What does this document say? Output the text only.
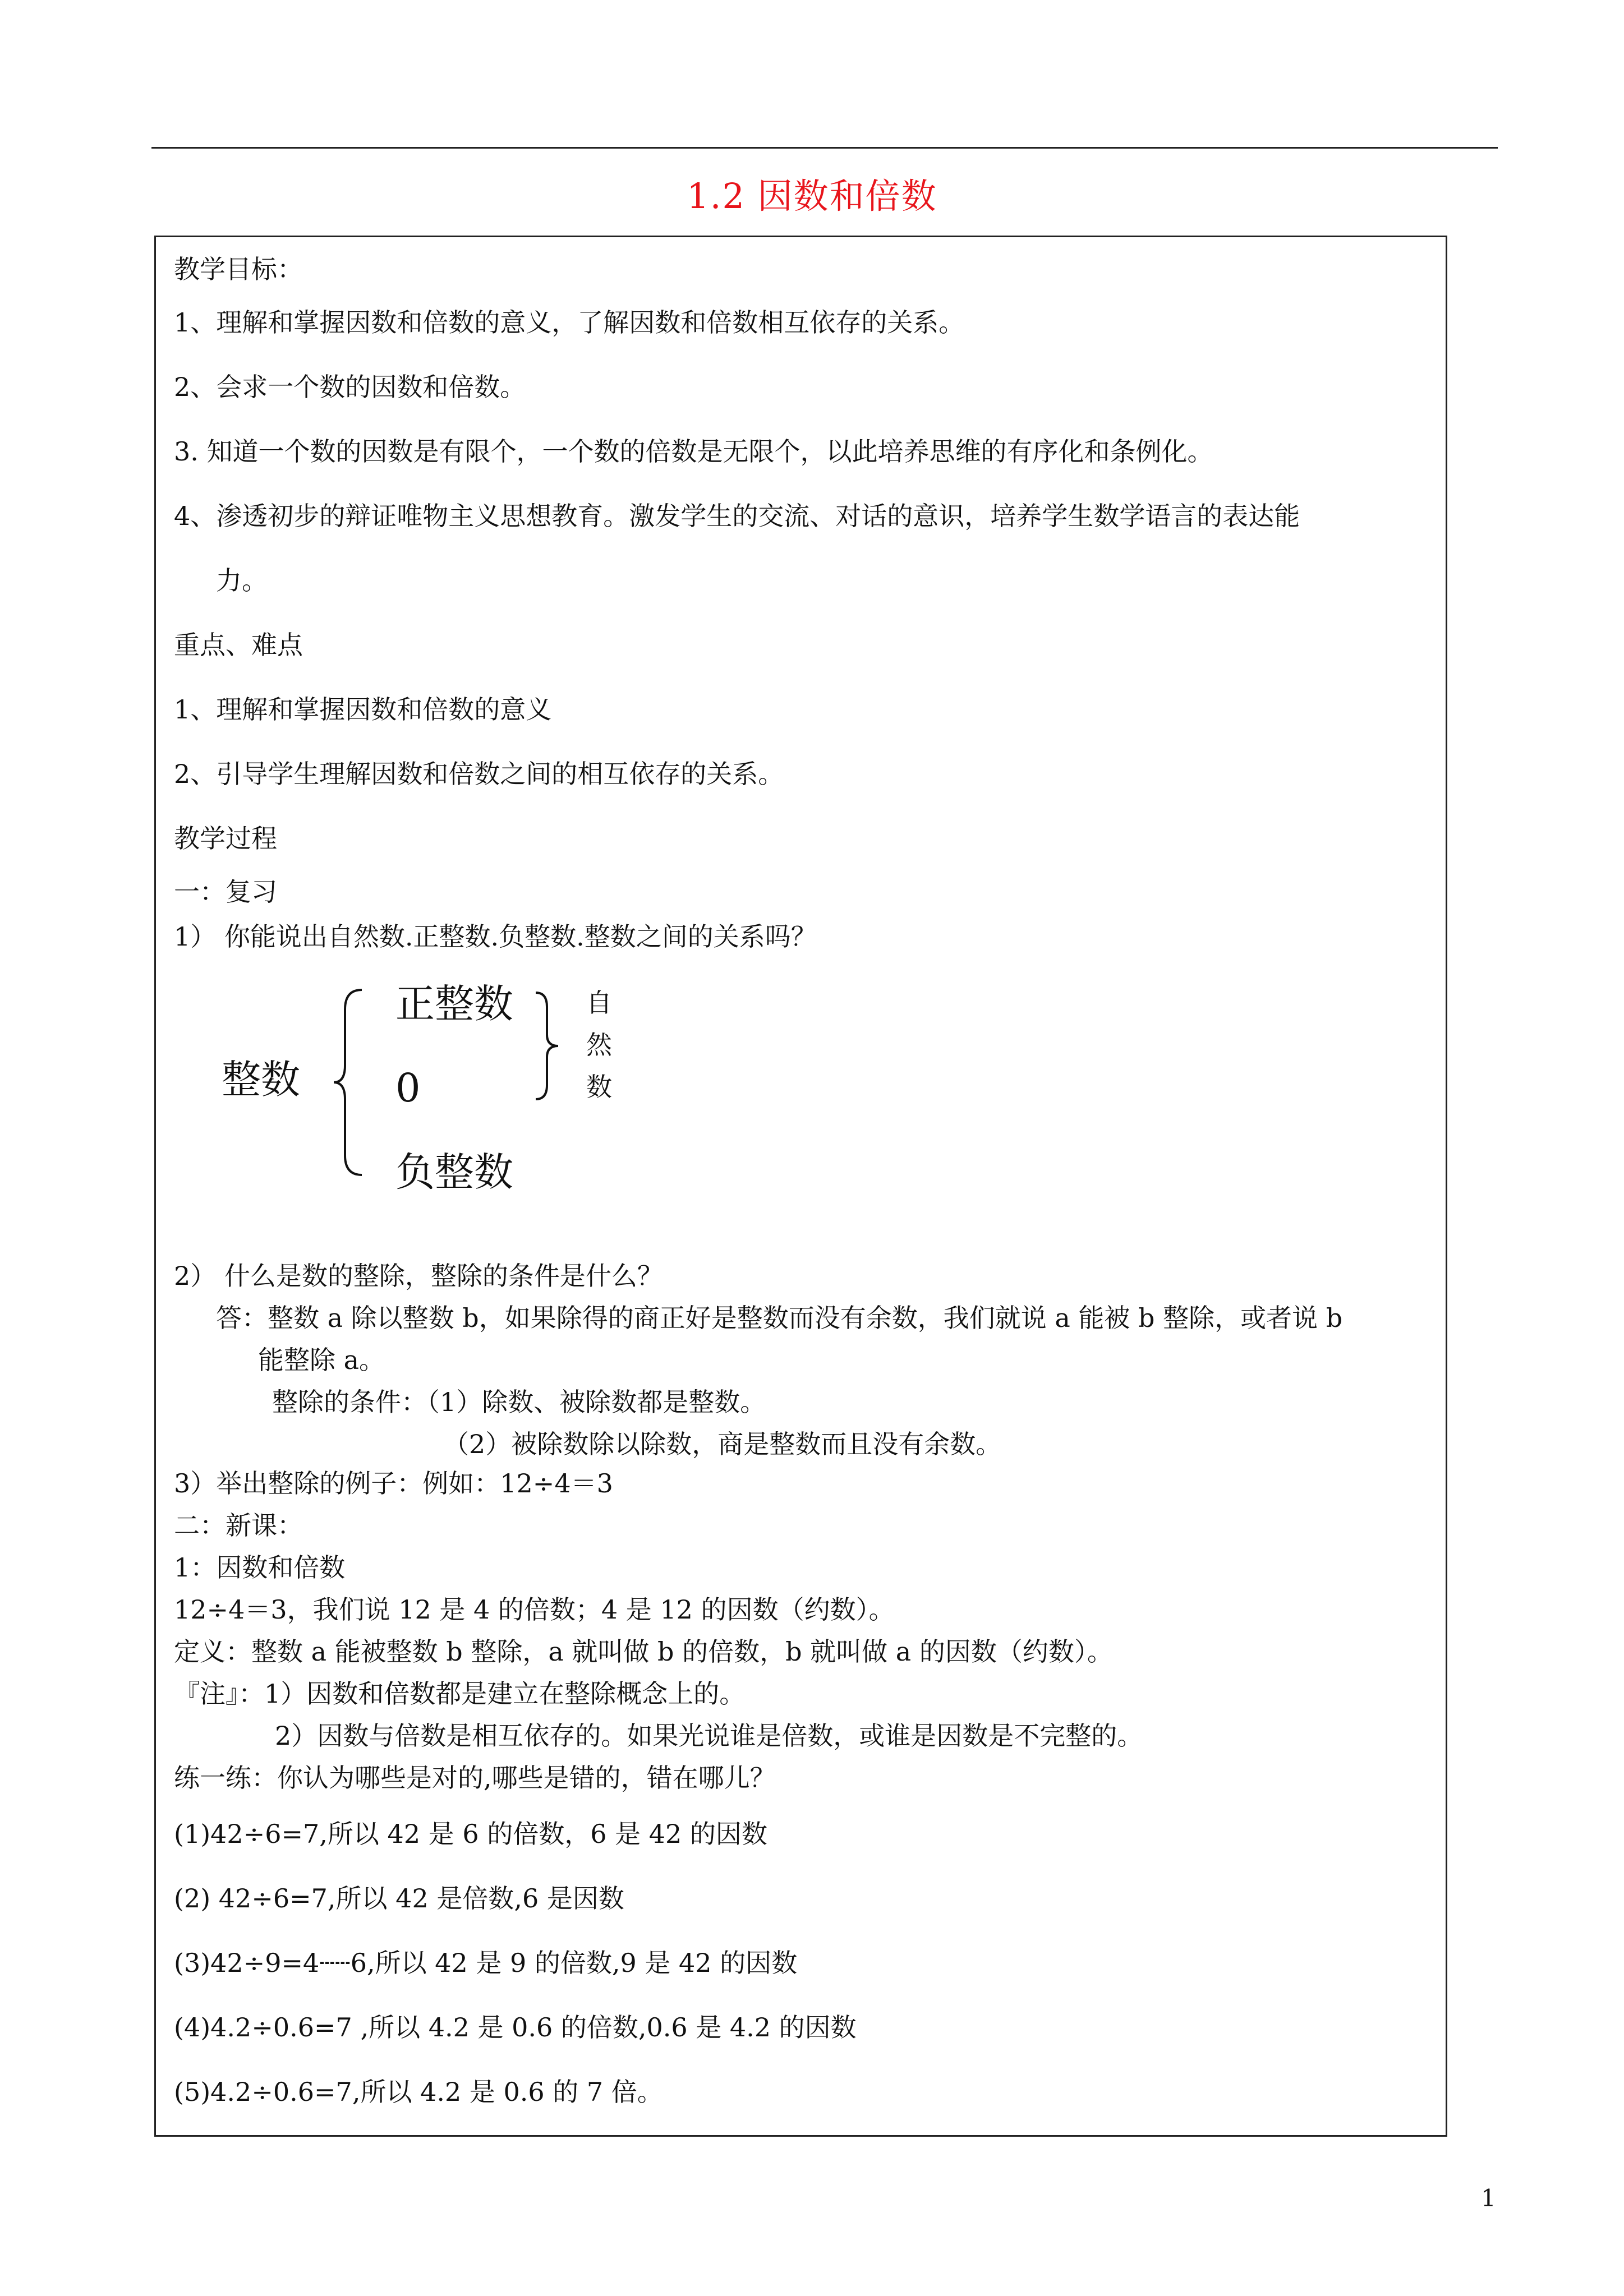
1.2 因数和倍数
教学目标：
1、理解和掌握因数和倍数的意义，了解因数和倍数相互依存的关系。
2、会求一个数的因数和倍数。
3. 知道一个数的因数是有限个，一个数的倍数是无限个，以此培养思维的有序化和条例化。
4、渗透初步的辩证唯物主义思想教育。激发学生的交流、对话的意识，培养学生数学语言的表达能
力。
重点、难点
1、理解和掌握因数和倍数的意义
2、引导学生理解因数和倍数之间的相互依存的关系。
教学过程
一：复习
1） 你能说出自然数.正整数.负整数.整数之间的关系吗？
整数
正整数
0
负整数
自
然
数
2） 什么是数的整除，整除的条件是什么？
答：整数 a 除以整数 b，如果除得的商正好是整数而没有余数，我们就说 a 能被 b 整除，或者说 b
能整除 a。
整除的条件：（1）除数、被除数都是整数。
（2）被除数除以除数，商是整数而且没有余数。
3）举出整除的例子：例如：12÷4＝3
二：新课：
1：因数和倍数
12÷4＝3，我们说 12 是 4 的倍数；4 是 12 的因数（约数）。
定义：整数 a 能被整数 b 整除，a 就叫做 b 的倍数，b 就叫做 a 的因数（约数）。
『注』：1）因数和倍数都是建立在整除概念上的。
2）因数与倍数是相互依存的。如果光说谁是倍数，或谁是因数是不完整的。
练一练：你认为哪些是对的,哪些是错的，错在哪儿？
(1)42÷6=7,所以 42 是 6 的倍数，6 是 42 的因数
(2) 42÷6=7,所以 42 是倍数,6 是因数
(3)42÷9=4┄┄6,所以 42 是 9 的倍数,9 是 42 的因数
(4)4.2÷0.6=7 ,所以 4.2 是 0.6 的倍数,0.6 是 4.2 的因数
(5)4.2÷0.6=7,所以 4.2 是 0.6 的 7 倍。
1
